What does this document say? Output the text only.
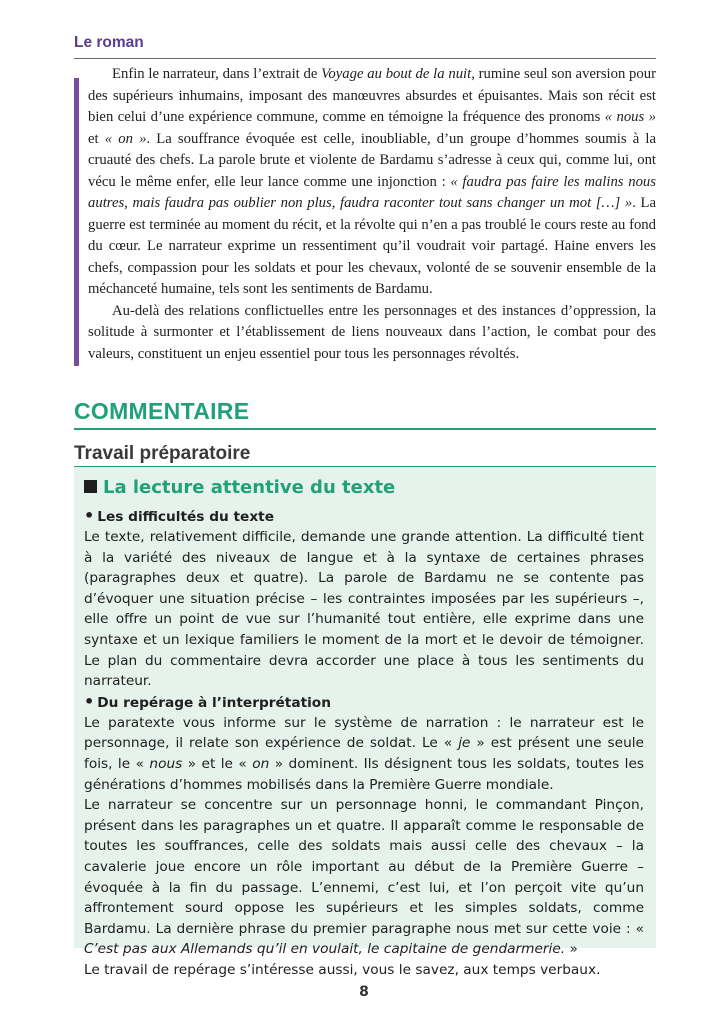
Le roman

Enfin le narrateur, dans l’extrait de Voyage au bout de la nuit, rumine seul son aversion pour des supérieurs inhumains, imposant des manœuvres absurdes et épuisantes. Mais son récit est bien celui d’une expérience commune, comme en témoigne la fréquence des pronoms « nous » et « on ». La souffrance évoquée est celle, inoubliable, d’un groupe d’hommes soumis à la cruauté des chefs. La parole brute et violente de Bardamu s’adresse à ceux qui, comme lui, ont vécu le même enfer, elle leur lance comme une injonction : « faudra pas faire les malins nous autres, mais faudra pas oublier non plus, faudra raconter tout sans changer un mot […] ». La guerre est terminée au moment du récit, et la révolte qui n’en a pas troublé le cours reste au fond du cœur. Le narrateur exprime un ressentiment qu’il voudrait voir partagé. Haine envers les chefs, compassion pour les soldats et pour les chevaux, volonté de se souvenir ensemble de la méchanceté humaine, tels sont les sentiments de Bardamu.

Au-delà des relations conflictuelles entre les personnages et des instances d’oppression, la solitude à surmonter et l’établissement de liens nouveaux dans l’action, le combat pour des valeurs, constituent un enjeu essentiel pour tous les personnages révoltés.

COMMENTAIRE
Travail préparatoire
La lecture attentive du texte
• Les difficultés du texte

Le texte, relativement difficile, demande une grande attention. La difficulté tient à la variété des niveaux de langue et à la syntaxe de certaines phrases (paragraphes deux et quatre). La parole de Bardamu ne se contente pas d’évoquer une situation précise – les contraintes imposées par les supérieurs –, elle offre un point de vue sur l’humanité tout entière, elle exprime dans une syntaxe et un lexique familiers le moment de la mort et le devoir de témoigner. Le plan du commentaire devra accorder une place à tous les sentiments du narrateur.

• Du repérage à l’interprétation

Le paratexte vous informe sur le système de narration : le narrateur est le personnage, il relate son expérience de soldat. Le « je » est présent une seule fois, le « nous » et le « on » dominent. Ils désignent tous les soldats, toutes les générations d’hommes mobilisés dans la Première Guerre mondiale.

Le narrateur se concentre sur un personnage honni, le commandant Pinçon, présent dans les paragraphes un et quatre. Il apparaît comme le responsable de toutes les souffrances, celle des soldats mais aussi celle des chevaux – la cavalerie joue encore un rôle important au début de la Première Guerre – évoquée à la fin du passage. L’ennemi, c’est lui, et l’on perçoit vite qu’un affrontement sourd oppose les supérieurs et les simples soldats, comme Bardamu. La dernière phrase du premier paragraphe nous met sur cette voie : « C’est pas aux Allemands qu’il en voulait, le capitaine de gendarmerie. »

Le travail de repérage s’intéresse aussi, vous le savez, aux temps verbaux.

8
